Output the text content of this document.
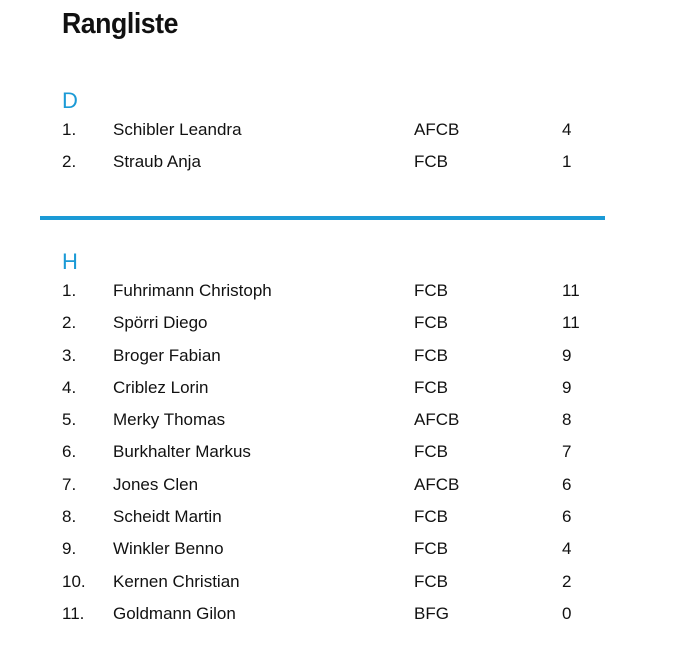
Rangliste
D
1. Schibler Leandra	AFCB	4
2. Straub Anja	FCB	1
H
1. Fuhrimann Christoph	FCB	11
2. Spörri Diego	FCB	11
3. Broger Fabian	FCB	9
4. Criblez Lorin	FCB	9
5. Merky Thomas	AFCB	8
6. Burkhalter Markus	FCB	7
7. Jones Clen	AFCB	6
8. Scheidt Martin	FCB	6
9. Winkler Benno	FCB	4
10. Kernen Christian	FCB	2
11. Goldmann Gilon	BFG	0
